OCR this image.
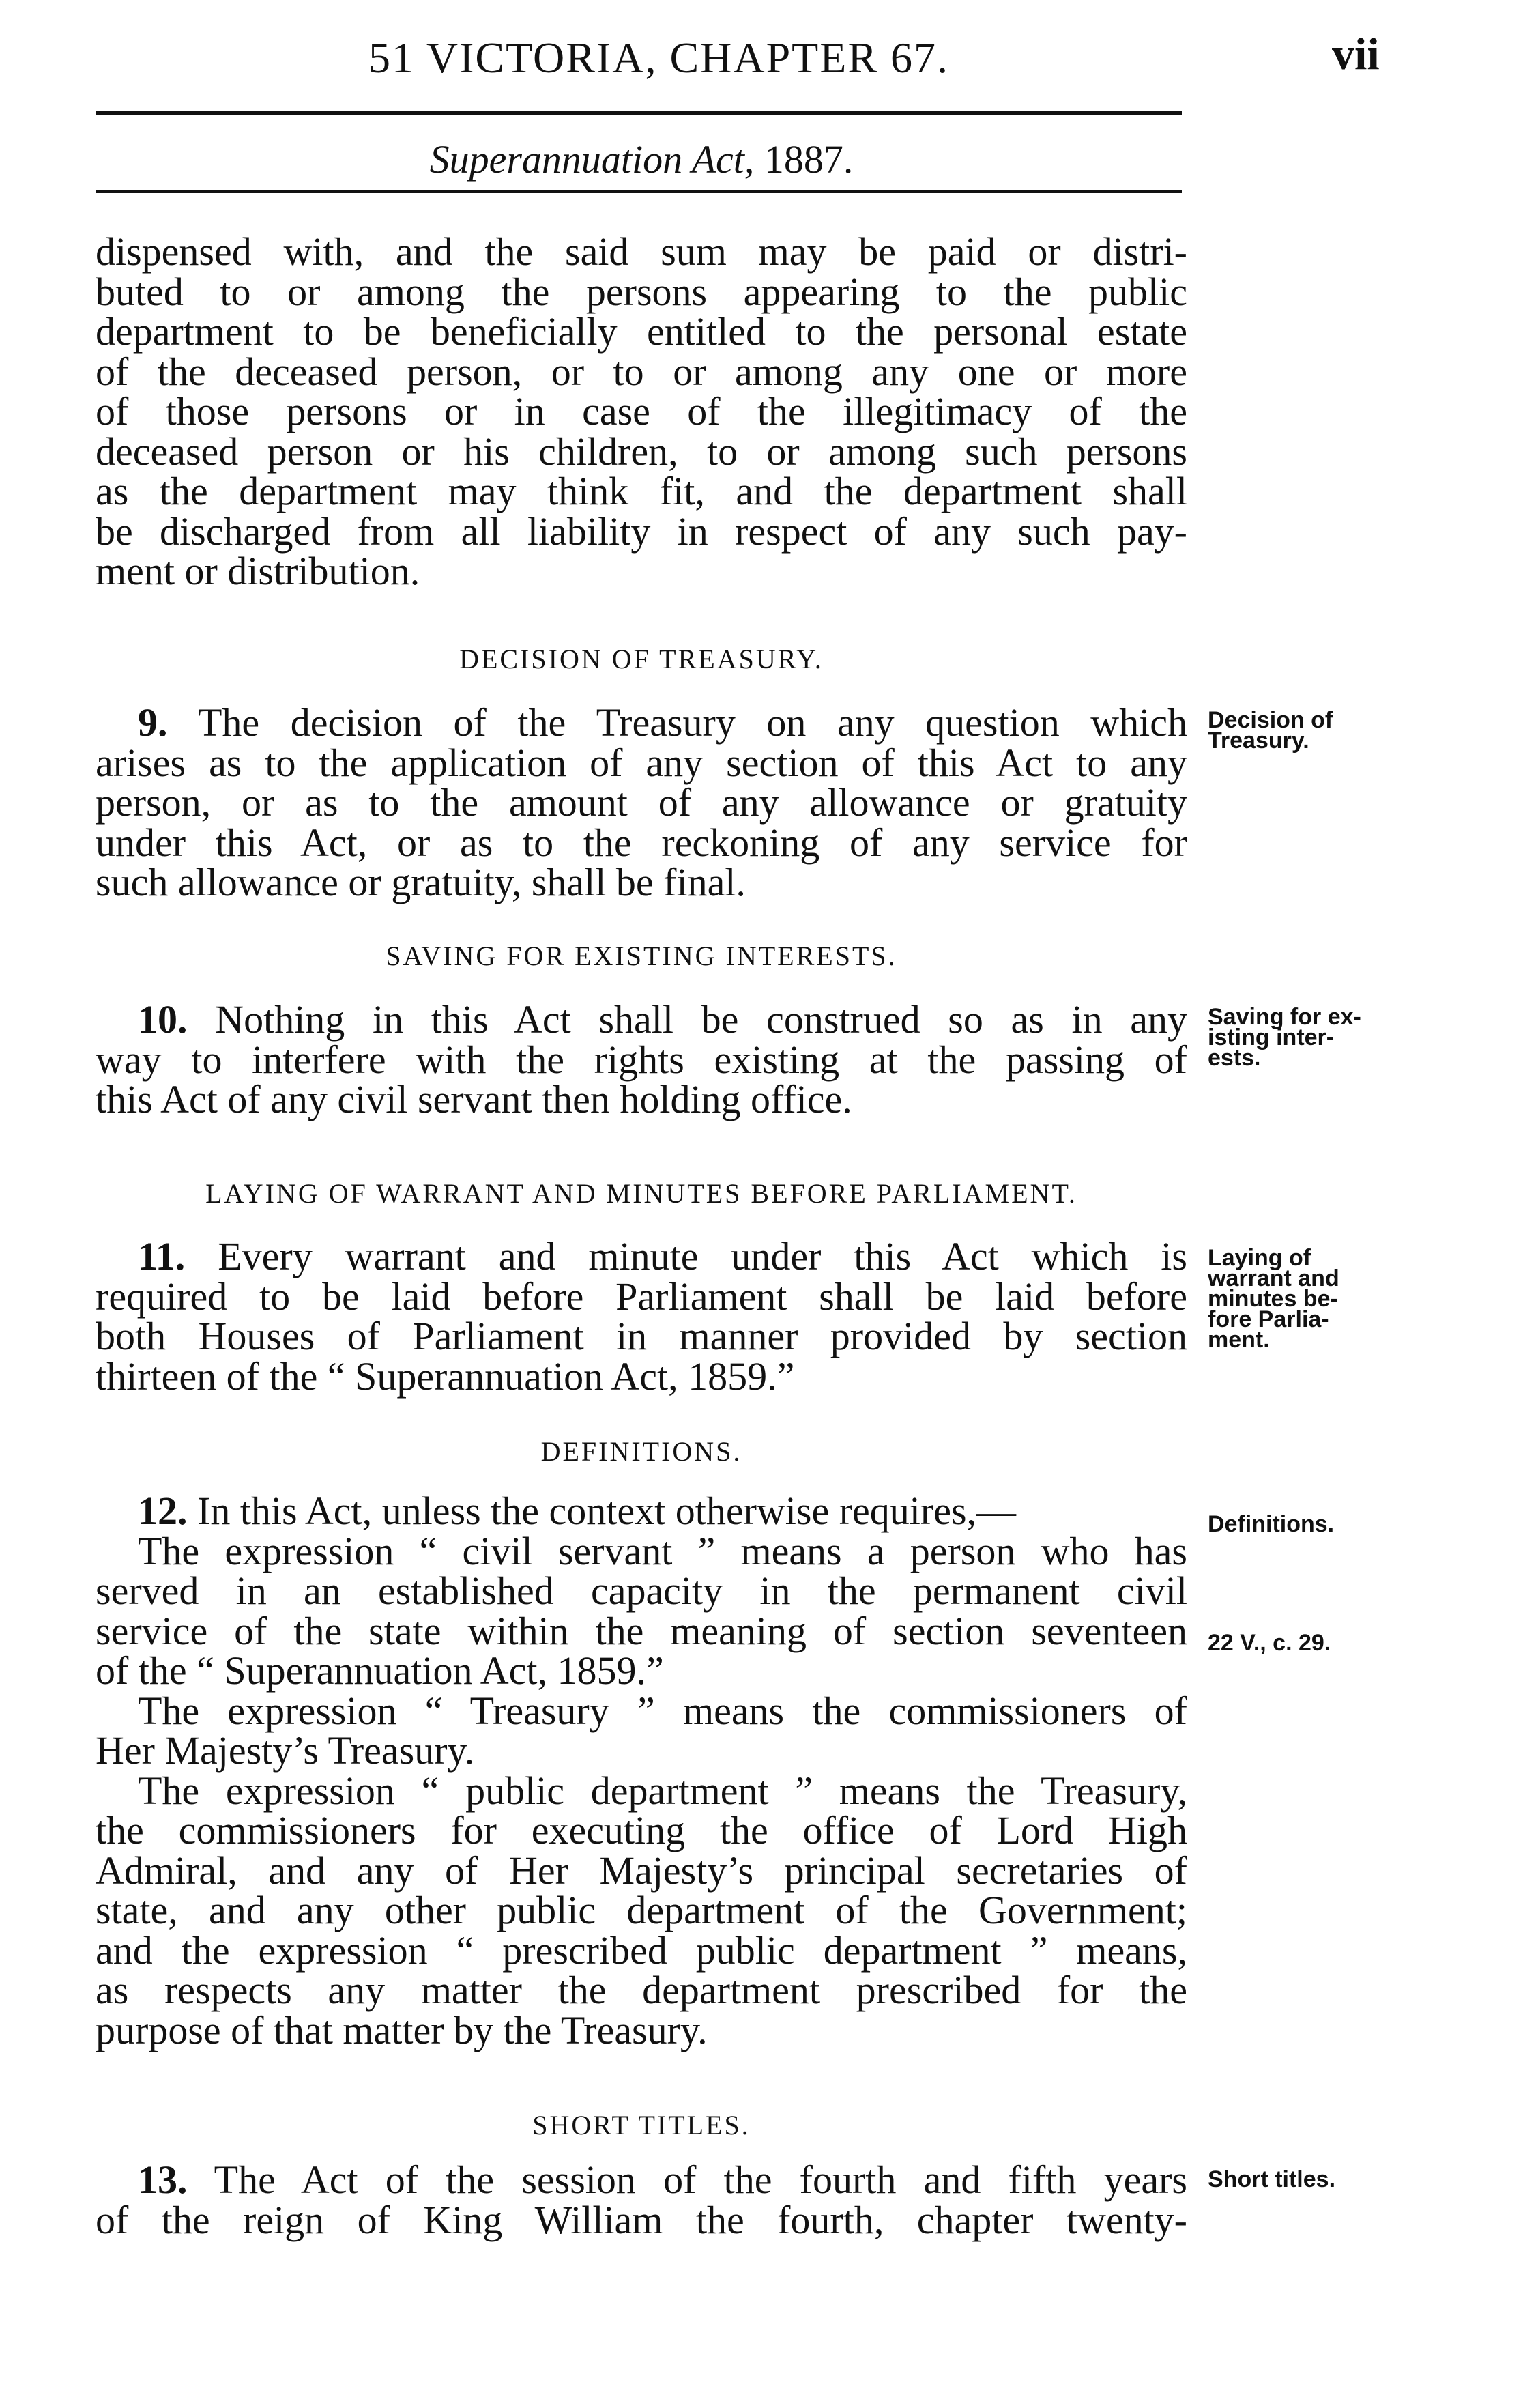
51 VICTORIA, CHAPTER 67.	vii
Superannuation Act, 1887.
dispensed with, and the said sum may be paid or distri-
buted to or among the persons appearing to the public
department to be beneficially entitled to the personal estate
of the deceased person, or to or among any one or more
of those persons or in case of the illegitimacy of the
deceased person or his children, to or among such persons
as the department may think fit, and the department shall
be discharged from all liability in respect of any such pay-
ment or distribution.
DECISION OF TREASURY.
9. The decision of the Treasury on any question which
arises as to the application of any section of this Act to any
person, or as to the amount of any allowance or gratuity
under this Act, or as to the reckoning of any service for
such allowance or gratuity, shall be final.
Decision of
Treasury.
SAVING FOR EXISTING INTERESTS.
10. Nothing in this Act shall be construed so as in any
way to interfere with the rights existing at the passing of
this Act of any civil servant then holding office.
Saving for ex-
isting inter-
ests.
LAYING OF WARRANT AND MINUTES BEFORE PARLIAMENT.
11. Every warrant and minute under this Act which is
required to be laid before Parliament shall be laid before
both Houses of Parliament in manner provided by section
thirteen of the “ Superannuation Act, 1859.”
Laying of
warrant and
minutes be-
fore Parlia-
ment.
DEFINITIONS.
12. In this Act, unless the context otherwise requires,—
The expression “ civil servant ” means a person who has
served in an established capacity in the permanent civil
service of the state within the meaning of section seventeen
of the “ Superannuation Act, 1859.”
The expression “ Treasury ” means the commissioners of
Her Majesty’s Treasury.
The expression “ public department ” means the Treasury,
the commissioners for executing the office of Lord High
Admiral, and any of Her Majesty’s principal secretaries of
state, and any other public department of the Government;
and the expression “ prescribed public department ” means,
as respects any matter the department prescribed for the
purpose of that matter by the Treasury.
Definitions.
22 V., c. 29.
SHORT TITLES.
13. The Act of the session of the fourth and fifth years
of the reign of King William the fourth, chapter twenty-
Short titles.
